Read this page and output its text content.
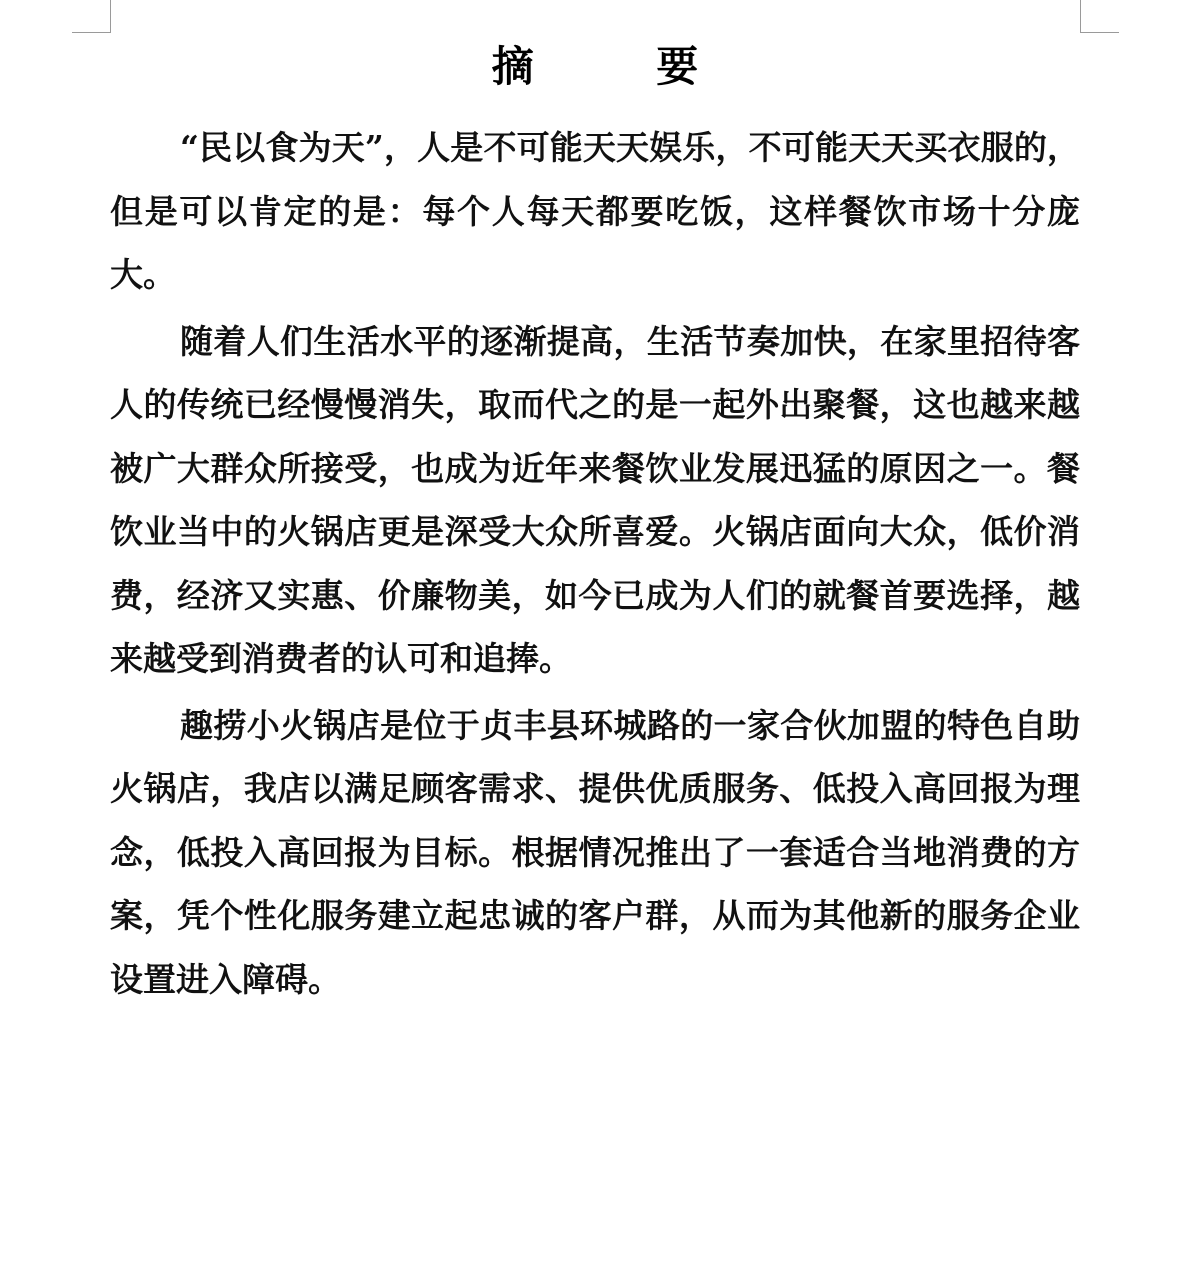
摘 要

“民以食为天”，人是不可能天天娱乐，不可能天天买衣服的，但是可以肯定的是：每个人每天都要吃饭，这样餐饮市场十分庞大。

随着人们生活水平的逐渐提高，生活节奏加快，在家里招待客人的传统已经慢慢消失，取而代之的是一起外出聚餐，这也越来越被广大群众所接受，也成为近年来餐饮业发展迅猛的原因之一。餐饮业当中的火锅店更是深受大众所喜爱。火锅店面向大众，低价消费，经济又实惠、价廉物美，如今已成为人们的就餐首要选择，越来越受到消费者的认可和追捧。

趣捞小火锅店是位于贞丰县环城路的一家合伙加盟的特色自助火锅店，我店以满足顾客需求、提供优质服务、低投入高回报为理念，低投入高回报为目标。根据情况推出了一套适合当地消费的方案，凭个性化服务建立起忠诚的客户群，从而为其他新的服务企业设置进入障碍。
